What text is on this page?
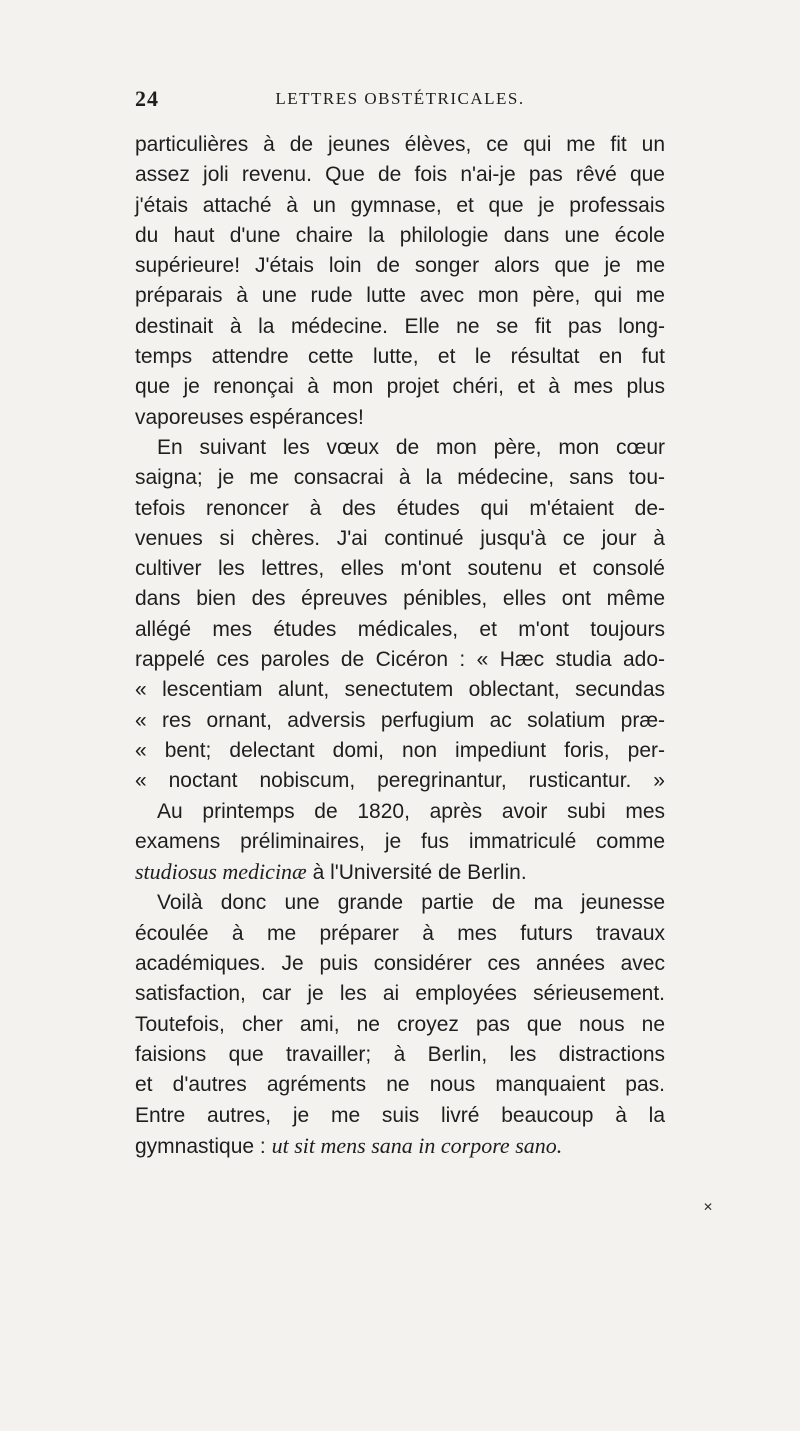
24	LETTRES OBSTÉTRICALES.
particulières à de jeunes élèves, ce qui me fit un
assez joli revenu. Que de fois n'ai-je pas rêvé que
j'étais attaché à un gymnase, et que je professais
du haut d'une chaire la philologie dans une école
supérieure! J'étais loin de songer alors que je me
préparais à une rude lutte avec mon père, qui me
destinait à la médecine. Elle ne se fit pas long-
temps attendre cette lutte, et le résultat en fut
que je renonçai à mon projet chéri, et à mes plus
vaporeuses espérances!
En suivant les vœux de mon père, mon cœur
saigna; je me consacrai à la médecine, sans tou-
tefois renoncer à des études qui m'étaient de-
venues si chères. J'ai continué jusqu'à ce jour à
cultiver les lettres, elles m'ont soutenu et consolé
dans bien des épreuves pénibles, elles ont même
allégé mes études médicales, et m'ont toujours
rappelé ces paroles de Cicéron : « Hæc studia ado-
« lescentiam alunt, senectutem oblectant, secundas
« res ornant, adversis perfugium ac solatium præ-
« bent; delectant domi, non impediunt foris, per-
« noctant nobiscum, peregrinantur, rusticantur. »
Au printemps de 1820, après avoir subi mes
examens préliminaires, je fus immatriculé comme
studiosus medicinæ à l'Université de Berlin.
Voilà donc une grande partie de ma jeunesse
écoulée à me préparer à mes futurs travaux
académiques. Je puis considérer ces années avec
satisfaction, car je les ai employées sérieusement.
Toutefois, cher ami, ne croyez pas que nous ne
faisions que travailler; à Berlin, les distractions
et d'autres agréments ne nous manquaient pas.
Entre autres, je me suis livré beaucoup à la
gymnastique : ut sit mens sana in corpore sano.
✕
